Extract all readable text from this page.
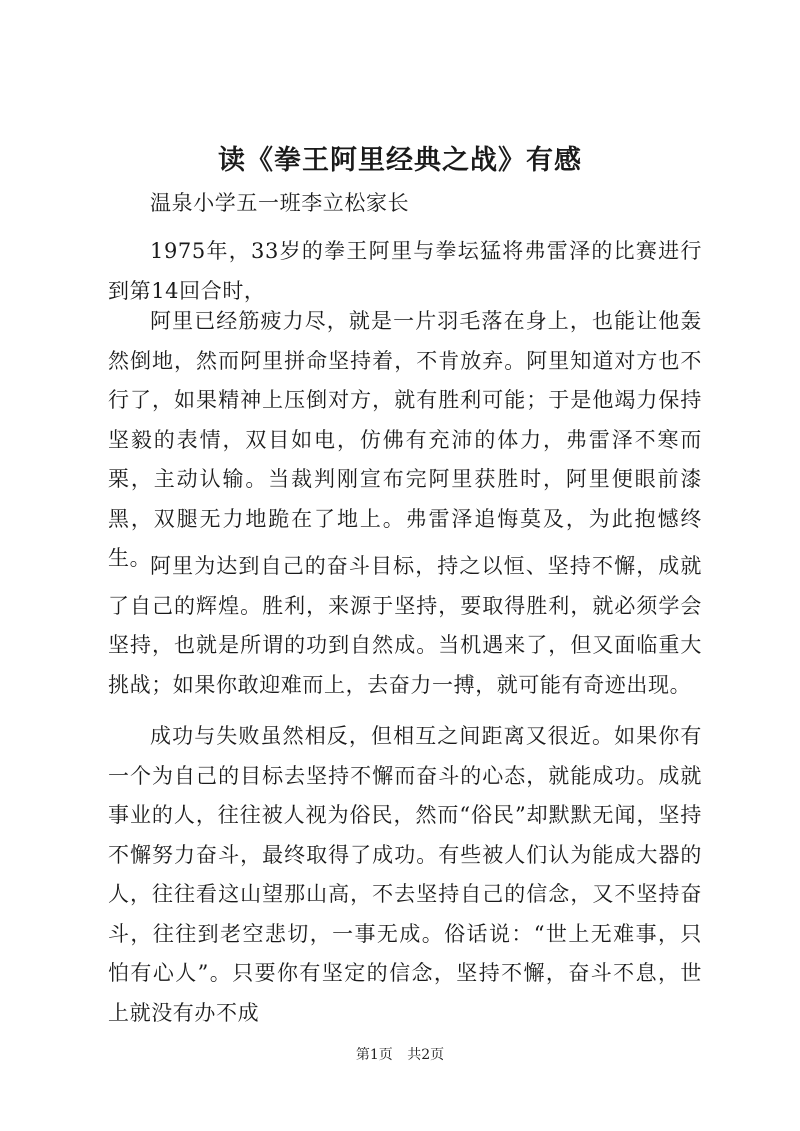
读《拳王阿里经典之战》有感
温泉小学五一班李立松家长
1975年，33岁的拳王阿里与拳坛猛将弗雷泽的比赛进行到第14回合时，
阿里已经筋疲力尽，就是一片羽毛落在身上，也能让他轰然倒地，然而阿里拼命坚持着，不肯放弃。阿里知道对方也不行了，如果精神上压倒对方，就有胜利可能；于是他竭力保持坚毅的表情，双目如电，仿佛有充沛的体力，弗雷泽不寒而栗，主动认输。当裁判刚宣布完阿里获胜时，阿里便眼前漆黑，双腿无力地跪在了地上。弗雷泽追悔莫及，为此抱憾终生。
阿里为达到自己的奋斗目标，持之以恒、坚持不懈，成就了自己的辉煌。胜利，来源于坚持，要取得胜利，就必须学会坚持，也就是所谓的功到自然成。当机遇来了，但又面临重大挑战；如果你敢迎难而上，去奋力一搏，就可能有奇迹出现。
成功与失败虽然相反，但相互之间距离又很近。如果你有一个为自己的目标去坚持不懈而奋斗的心态，就能成功。成就事业的人，往往被人视为俗民，然而“俗民”却默默无闻，坚持不懈努力奋斗，最终取得了成功。有些被人们认为能成大器的人，往往看这山望那山高，不去坚持自己的信念，又不坚持奋斗，往往到老空悲切，一事无成。俗话说：“世上无难事，只怕有心人”。只要你有坚定的信念，坚持不懈，奋斗不息，世上就没有办不成
第1页 共2页
